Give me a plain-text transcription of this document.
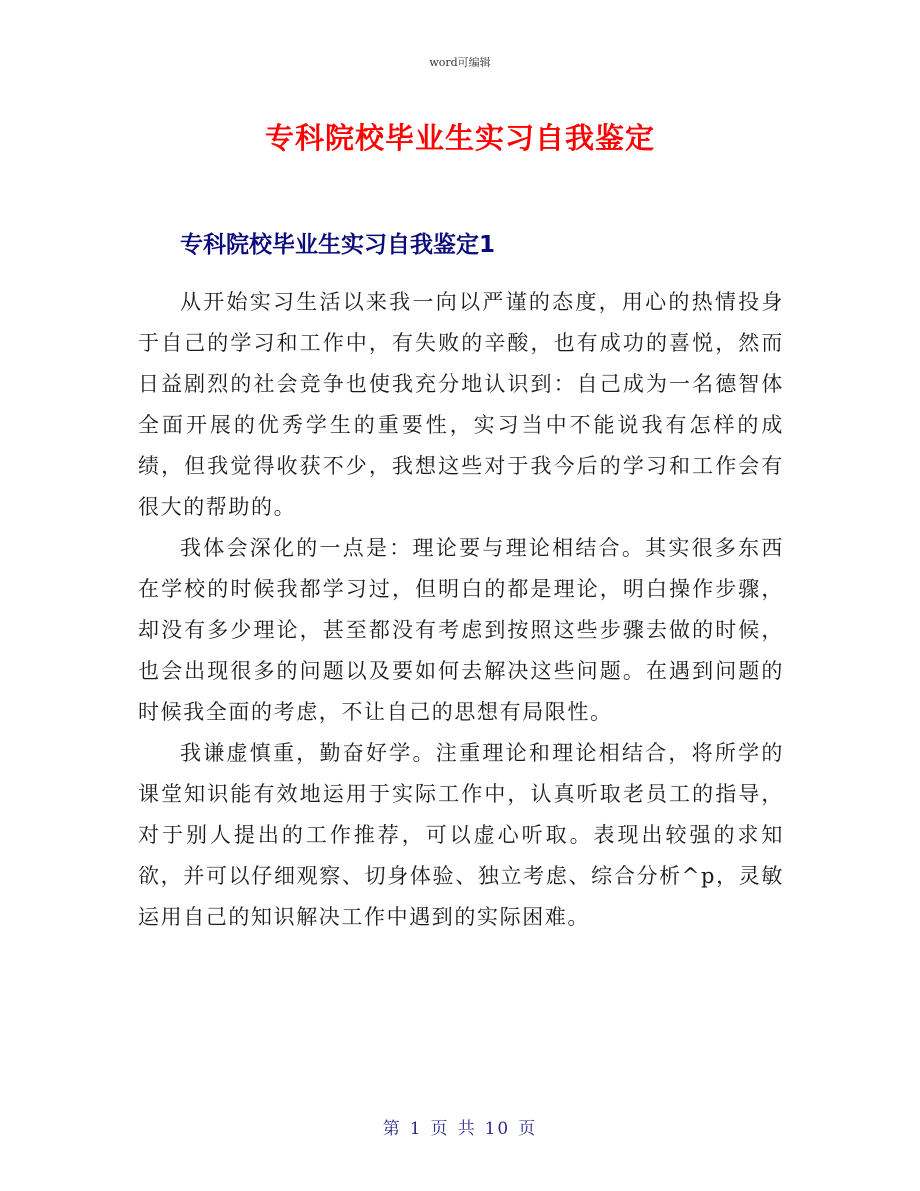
word可编辑
专科院校毕业生实习自我鉴定
专科院校毕业生实习自我鉴定1

从开始实习生活以来我一向以严谨的态度，用心的热情投身于自己的学习和工作中，有失败的辛酸，也有成功的喜悦，然而日益剧烈的社会竞争也使我充分地认识到：自己成为一名德智体全面开展的优秀学生的重要性，实习当中不能说我有怎样的成绩，但我觉得收获不少，我想这些对于我今后的学习和工作会有很大的帮助的。

我体会深化的一点是：理论要与理论相结合。其实很多东西在学校的时候我都学习过，但明白的都是理论，明白操作步骤，却没有多少理论，甚至都没有考虑到按照这些步骤去做的时候，也会出现很多的问题以及要如何去解决这些问题。在遇到问题的时候我全面的考虑，不让自己的思想有局限性。

我谦虚慎重，勤奋好学。注重理论和理论相结合，将所学的课堂知识能有效地运用于实际工作中，认真听取老员工的指导，对于别人提出的工作推荐，可以虚心听取。表现出较强的求知欲，并可以仔细观察、切身体验、独立考虑、综合分析^p，灵敏运用自己的知识解决工作中遇到的实际困难。

第 1 页 共 10 页
